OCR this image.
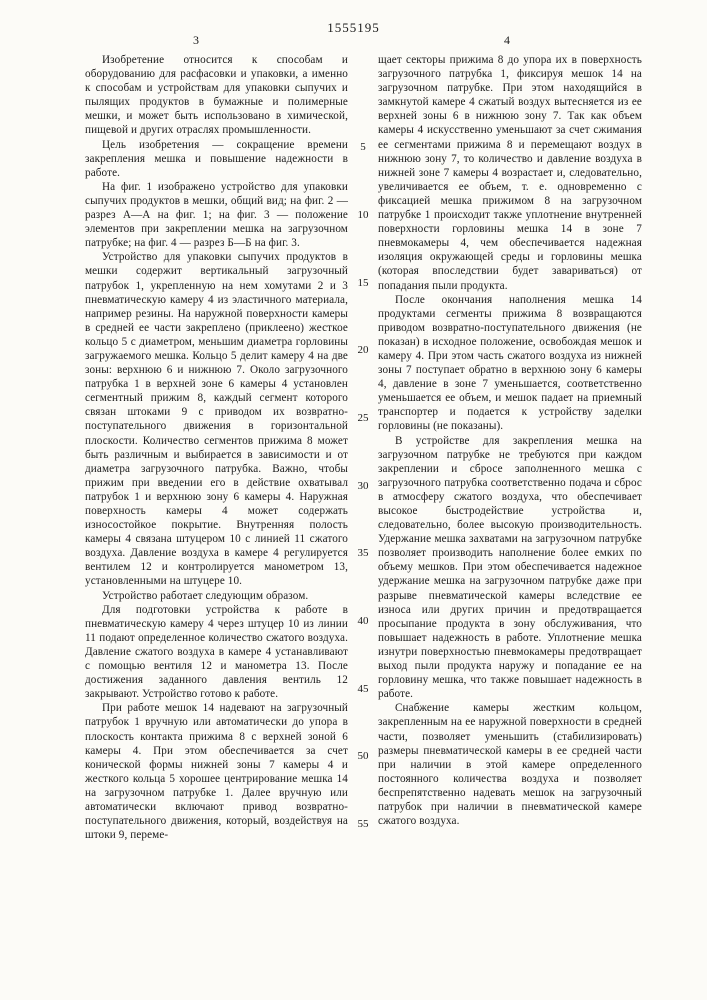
1555195
3	4

Изобретение относится к способам и оборудованию для расфасовки и упаковки, а именно к способам и устройствам для упаковки сыпучих и пылящих продуктов в бумажные и полимерные мешки, и может быть использовано в химической, пищевой и других отраслях промышленности.

Цель изобретения — сокращение времени закрепления мешка и повышение надежности в работе.

На фиг. 1 изображено устройство для упаковки сыпучих продуктов в мешки, общий вид; на фиг. 2 — разрез А—А на фиг. 1; на фиг. 3 — положение элементов при закреплении мешка на загрузочном патрубке; на фиг. 4 — разрез Б—Б на фиг. 3.

Устройство для упаковки сыпучих продуктов в мешки содержит вертикальный загрузочный патрубок 1, укрепленную на нем хомутами 2 и 3 пневматическую камеру 4 из эластичного материала, например резины. На наружной поверхности камеры в средней ее части закреплено (приклеено) жесткое кольцо 5 с диаметром, меньшим диаметра горловины загружаемого мешка. Кольцо 5 делит камеру 4 на две зоны: верхнюю 6 и нижнюю 7. Около загрузочного патрубка 1 в верхней зоне 6 камеры 4 установлен сегментный прижим 8, каждый сегмент которого связан штоками 9 с приводом их возвратно-поступательного движения в горизонтальной плоскости. Количество сегментов прижима 8 может быть различным и выбирается в зависимости и от диаметра загрузочного патрубка. Важно, чтобы прижим при введении его в действие охватывал патрубок 1 и верхнюю зону 6 камеры 4. Наружная поверхность камеры 4 может содержать износостойкое покрытие. Внутренняя полость камеры 4 связана штуцером 10 с линией 11 сжатого воздуха. Давление воздуха в камере 4 регулируется вентилем 12 и контролируется манометром 13, установленными на штуцере 10.

Устройство работает следующим образом.

Для подготовки устройства к работе в пневматическую камеру 4 через штуцер 10 из линии 11 подают определенное количество сжатого воздуха. Давление сжатого воздуха в камере 4 устанавливают с помощью вентиля 12 и манометра 13. После достижения заданного давления вентиль 12 закрывают. Устройство готово к работе.

При работе мешок 14 надевают на загрузочный патрубок 1 вручную или автоматически до упора в плоскость контакта прижима 8 с верхней зоной 6 камеры 4. При этом обеспечивается за счет конической формы нижней зоны 7 камеры 4 и жесткого кольца 5 хорошее центрирование мешка 14 на загрузочном патрубке 1. Далее вручную или автоматически включают привод возвратно-поступательного движения, который, воздействуя на штоки 9, переме-

5
10
15
20
25
30
35
40
45
50
55

щает секторы прижима 8 до упора их в поверхность загрузочного патрубка 1, фиксируя мешок 14 на загрузочном патрубке. При этом находящийся в замкнутой камере 4 сжатый воздух вытесняется из ее верхней зоны 6 в нижнюю зону 7. Так как объем камеры 4 искусственно уменьшают за счет сжимания ее сегментами прижима 8 и перемещают воздух в нижнюю зону 7, то количество и давление воздуха в нижней зоне 7 камеры 4 возрастает и, следовательно, увеличивается ее объем, т. е. одновременно с фиксацией мешка прижимом 8 на загрузочном патрубке 1 происходит также уплотнение внутренней поверхности горловины мешка 14 в зоне 7 пневмокамеры 4, чем обеспечивается надежная изоляция окружающей среды и горловины мешка (которая впоследствии будет завариваться) от попадания пыли продукта.

После окончания наполнения мешка 14 продуктами сегменты прижима 8 возвращаются приводом возвратно-поступательного движения (не показан) в исходное положение, освобождая мешок и камеру 4. При этом часть сжатого воздуха из нижней зоны 7 поступает обратно в верхнюю зону 6 камеры 4, давление в зоне 7 уменьшается, соответственно уменьшается ее объем, и мешок падает на приемный транспортер и подается к устройству заделки горловины (не показаны).

В устройстве для закрепления мешка на загрузочном патрубке не требуются при каждом закреплении и сбросе заполненного мешка с загрузочного патрубка соответственно подача и сброс в атмосферу сжатого воздуха, что обеспечивает высокое быстродействие устройства и, следовательно, более высокую производительность. Удержание мешка захватами на загрузочном патрубке позволяет производить наполнение более емких по объему мешков. При этом обеспечивается надежное удержание мешка на загрузочном патрубке даже при разрыве пневматической камеры вследствие ее износа или других причин и предотвращается просыпание продукта в зону обслуживания, что повышает надежность в работе. Уплотнение мешка изнутри поверхностью пневмокамеры предотвращает выход пыли продукта наружу и попадание ее на горловину мешка, что также повышает надежность в работе.

Снабжение камеры жестким кольцом, закрепленным на ее наружной поверхности в средней части, позволяет уменьшить (стабилизировать) размеры пневматической камеры в ее средней части при наличии в этой камере определенного постоянного количества воздуха и позволяет беспрепятственно надевать мешок на загрузочный патрубок при наличии в пневматической камере сжатого воздуха.
